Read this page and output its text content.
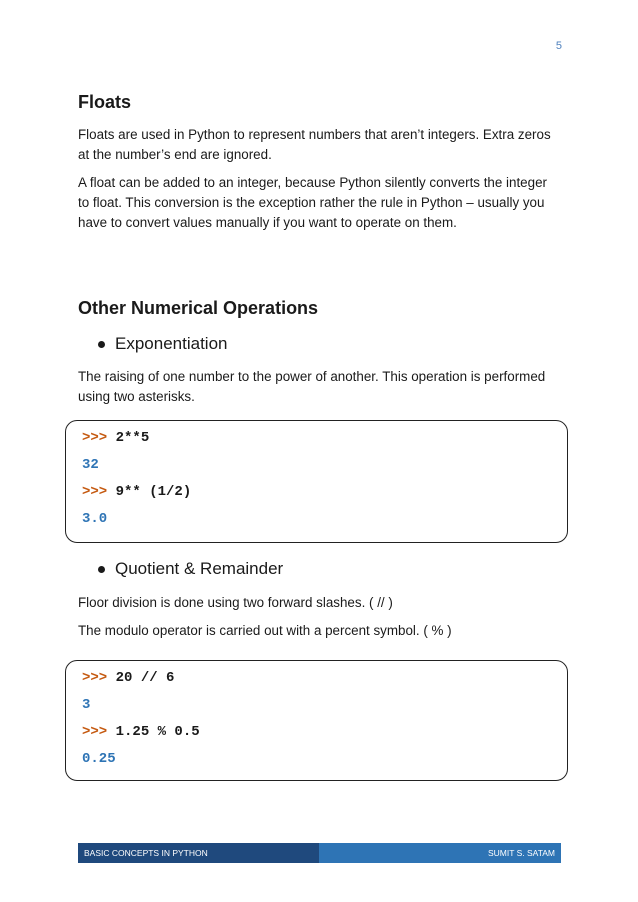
5
Floats

Floats are used in Python to represent numbers that aren’t integers. Extra zeros at the number’s end are ignored.

A float can be added to an integer, because Python silently converts the integer to float. This conversion is the exception rather the rule in Python – usually you have to convert values manually if you want to operate on them.

Other Numerical Operations
Exponentiation

The raising of one number to the power of another. This operation is performed using two asterisks.

>>> 2**5
32
>>> 9** (1/2)
3.0
Quotient & Remainder

Floor division is done using two forward slashes. ( // )

The modulo operator is carried out with a percent symbol. ( % )

>>> 20 // 6
3
>>> 1.25 % 0.5
0.25
BASIC CONCEPTS IN PYTHON	SUMIT S. SATAM
